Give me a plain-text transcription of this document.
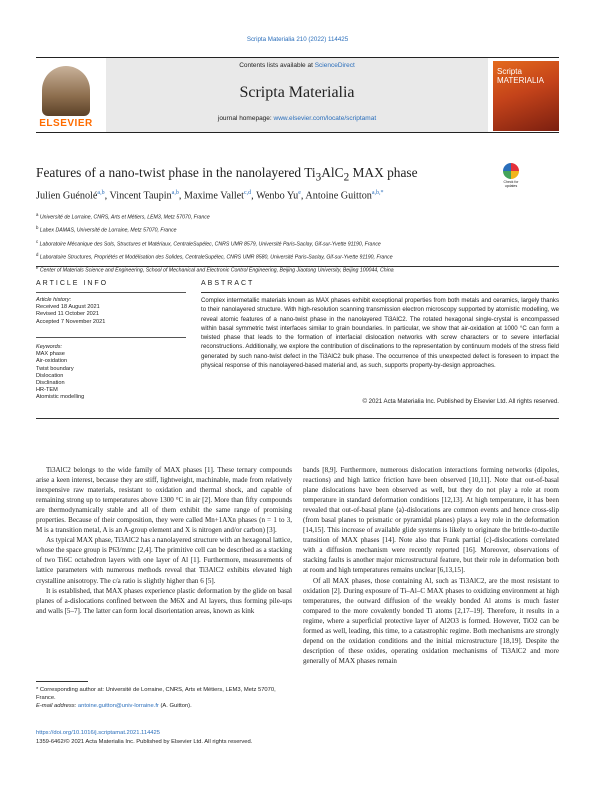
Scripta Materialia 210 (2022) 114425
ELSEVIER
Contents lists available at ScienceDirect
Scripta Materialia
journal homepage: www.elsevier.com/locate/scriptamat
Scripta MATERIALIA
Features of a nano-twist phase in the nanolayered $Ti_3AlC_2$ MAX phase
Check for updates
Julien Guénolé$^{a,b}$, Vincent Taupin$^{a,b}$, Maxime Vallet$^{c,d}$, Wenbo Yu$^e$, Antoine Guitton$^{a,b,*}$
$^a$ Université de Lorraine, CNRS, Arts et Métiers, LEM3, Metz 57070, France
$^b$ Labex DAMAS, Université de Lorraine, Metz 57070, France
$^c$ Laboratoire Mécanique des Sols, Structures et Matériaux, CentraleSupélec, CNRS UMR 8579, Université Paris-Saclay, Gif-sur-Yvette 91190, France
$^d$ Laboratoire Structures, Propriétés et Modélisation des Solides, CentraleSupélec, CNRS UMR 8580, Université Paris-Saclay, Gif-sur-Yvette 91190, France
$^e$ Center of Materials Science and Engineering, School of Mechanical and Electronic Control Engineering, Beijing Jiaotong University, Beijing 100044, China
ARTICLE INFO	ABSTRACT
Article history:
Received 18 August 2021
Revised 11 October 2021
Accepted 7 November 2021
Keywords:
MAX phase
Air-oxidation
Twist boundary
Dislocation
Disclination
HR-TEM
Atomistic modelling
Complex intermetallic materials known as MAX phases exhibit exceptional properties from both metals and ceramics, largely thanks to their nanolayered structure. With high-resolution scanning transmission electron microscopy supported by atomistic modelling, we reveal atomic features of a nano-twist phase in the nanolayered Ti3AlC2. The rotated hexagonal single-crystal is encompassed within basal symmetric twist interfaces similar to grain boundaries. In particular, we show that air-oxidation at 1000 °C can form a twisted phase that leads to the formation of interfacial dislocation networks with screw characters or to severe interfacial reconstructions. Additionally, we explore the contribution of disclinations to the representation by continuum models of the stress field generated by such nano-twist defect in the Ti3AlC2 bulk phase. The occurrence of this unexpected defect is foreseen to impact the physical response of this nanolayered-based material and, as such, supports property-by-design approaches.
© 2021 Acta Materialia Inc. Published by Elsevier Ltd. All rights reserved.

Ti3AlC2 belongs to the wide family of MAX phases [1]. These ternary compounds arise a keen interest, because they are stiff, lightweight, machinable, made from relatively inexpensive raw materials, resistant to oxidation and thermal shock, and capable of remaining strong up to temperatures above 1300 °C in air [2]. More than fifty compounds are thermodynamically stable and all of them exhibit the same range of promising properties. Because of their composition, they were called Mn+1AXn phases (n = 1 to 3, M is a transition metal, A is an A-group element and X is nitrogen and/or carbon) [3].

As typical MAX phase, Ti3AlC2 has a nanolayered structure with an hexagonal lattice, whose the space group is P63/mmc [2,4]. The primitive cell can be described as a stacking of two Ti6C octahedron layers with one layer of Al [1]. Furthermore, measurements of lattice parameters with numerous methods reveal that Ti3AlC2 exhibits elevated high crystalline anisotropy. The c/a ratio is slightly higher than 6 [5].

It is established, that MAX phases experience plastic deformation by the glide on basal planes of a-dislocations confined between the M6X and Al layers, thus forming pile-ups and walls [5–7]. The latter can form local disorientation areas, known as kink

bands [8,9]. Furthermore, numerous dislocation interactions forming networks (dipoles, reactions) and high lattice friction have been observed [10,11]. Note that out-of-basal plane dislocations have been observed as well, but they do not play a role at room temperature in standard deformation conditions [12,13]. At high temperature, it has been revealed that out-of-basal plane ⟨a⟩-dislocations are common events and hence cross-slip (from basal planes to prismatic or pyramidal planes) plays a key role in the deformation [14,15]. This increase of available glide systems is likely to originate the brittle-to-ductile transition of MAX phases [14]. Note also that Frank partial ⟨c⟩-dislocations correlated with a diffusion mechanism were recently reported [16]. Moreover, observations of stacking faults is another major microstructural feature, but their role in deformation both at room and high temperatures remains unclear [6,13,15].

Of all MAX phases, those containing Al, such as Ti3AlC2, are the most resistant to oxidation [2]. During exposure of Ti–Al–C MAX phases to oxidizing environment at high temperatures, the outward diffusion of the weakly bonded Al atoms is much faster compared to the more covalently bonded Ti atoms [2,17–19]. Therefore, it results in a regime, where a superficial protective layer of Al2O3 is formed. However, TiO2 can be formed as well, leading, this time, to a catastrophic regime. Both mechanisms are strongly depend on the oxidation conditions and the initial microstructure [18,19]. Despite the description of these oxides, operating oxidation mechanisms of Ti3AlC2 and more generally of MAX phases remain

* Corresponding author at: Université de Lorraine, CNRS, Arts et Métiers, LEM3, Metz 57070, France.
E-mail address: antoine.guitton@univ-lorraine.fr (A. Guitton).
https://doi.org/10.1016/j.scriptamat.2021.114425
1359-6462/© 2021 Acta Materialia Inc. Published by Elsevier Ltd. All rights reserved.
